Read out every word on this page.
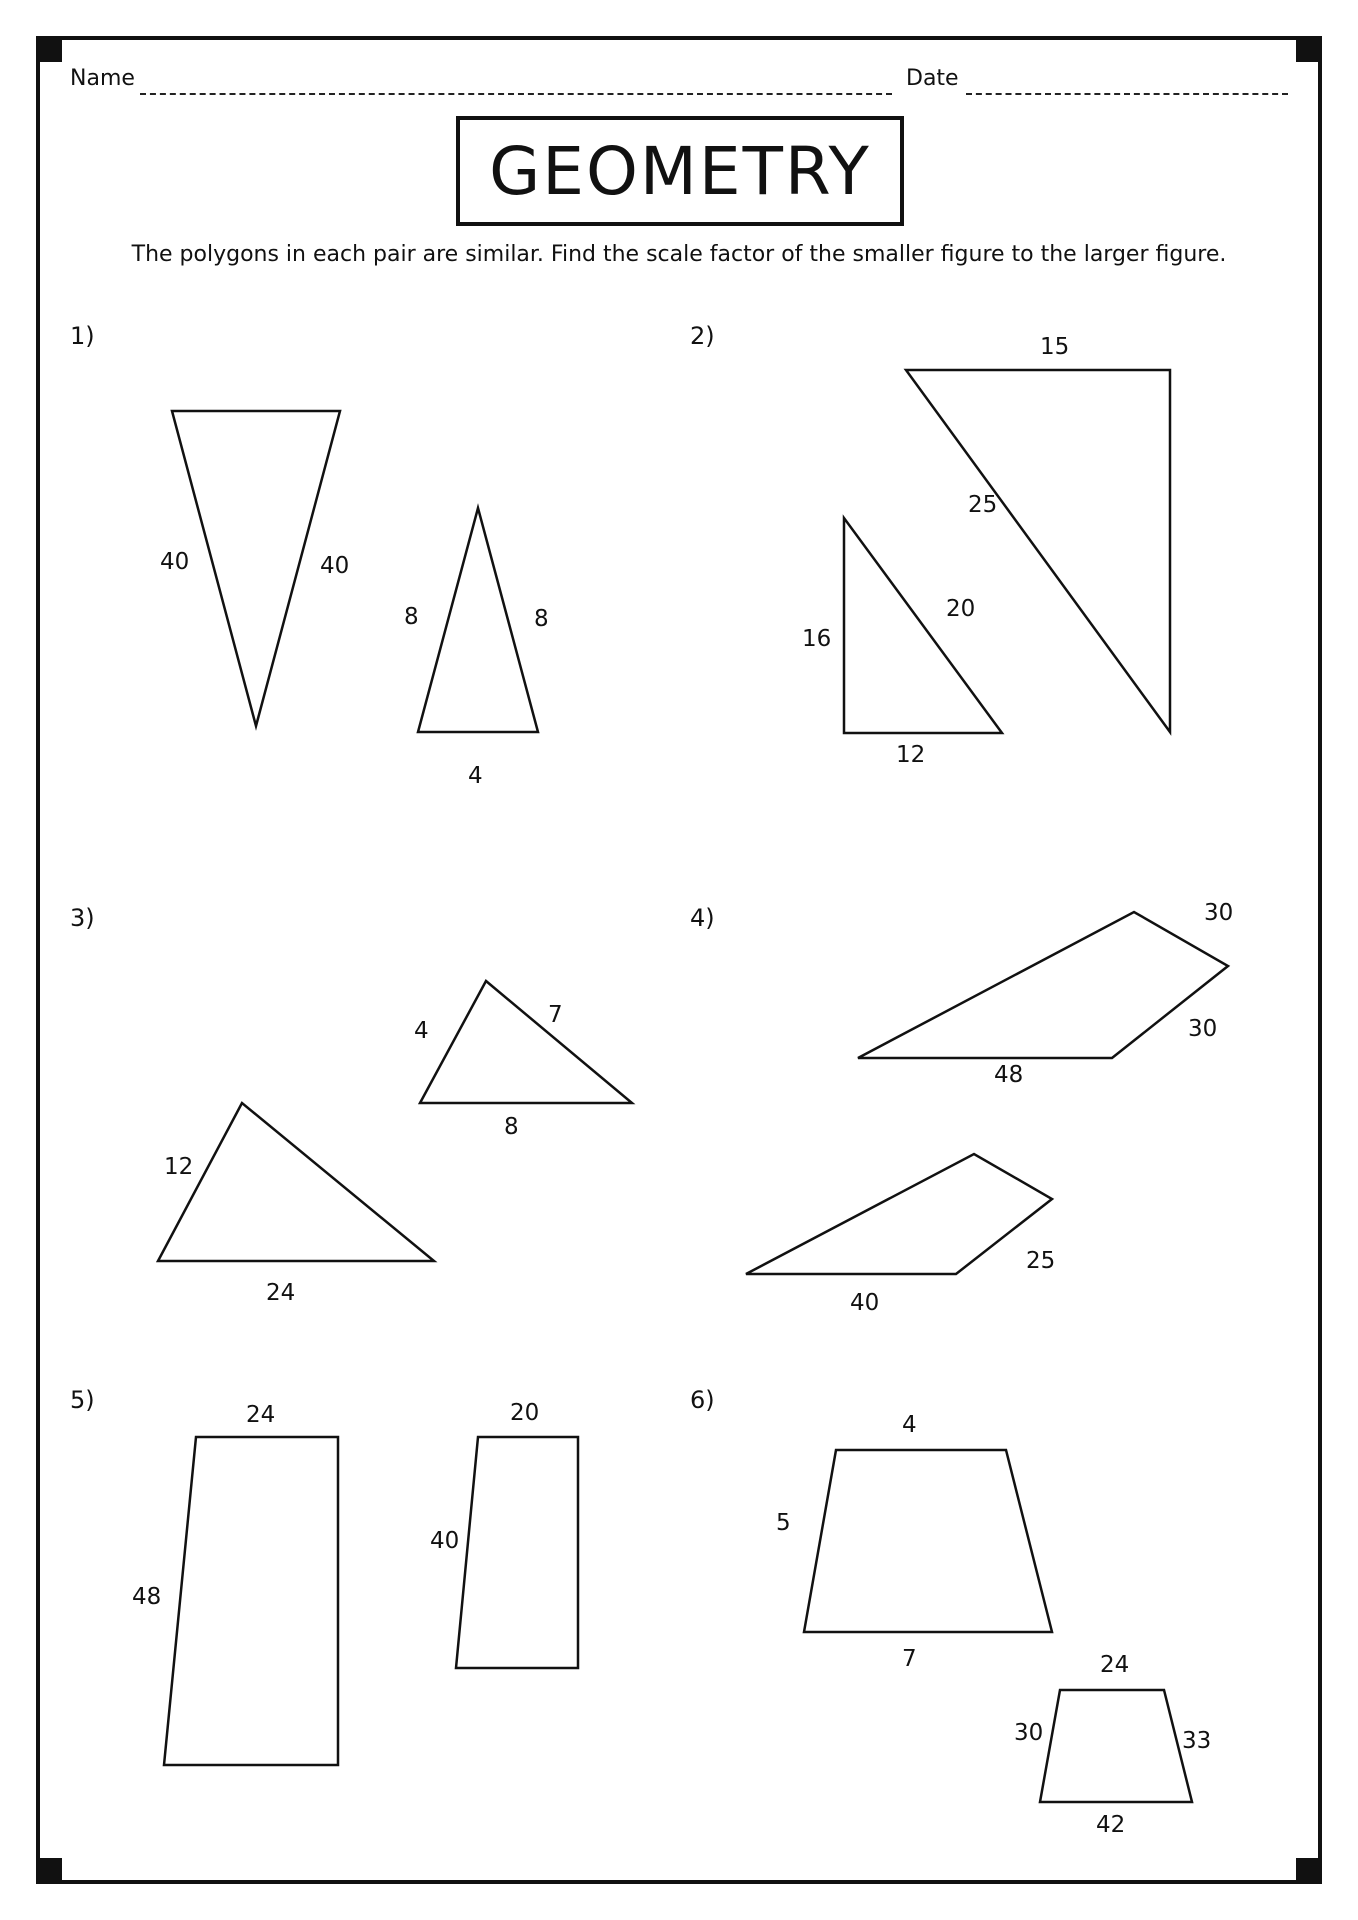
Name	Date
GEOMETRY
The polygons in each pair are similar. Find the scale factor of the smaller figure to the larger figure.
1)	2)
3)	4)
5)	6)
40	40
8	8
4
15
25
16
20
12
4
7
8
12
24
30
30
48
25
40
24
48
20
40
4
5
7	24
30	33
42
